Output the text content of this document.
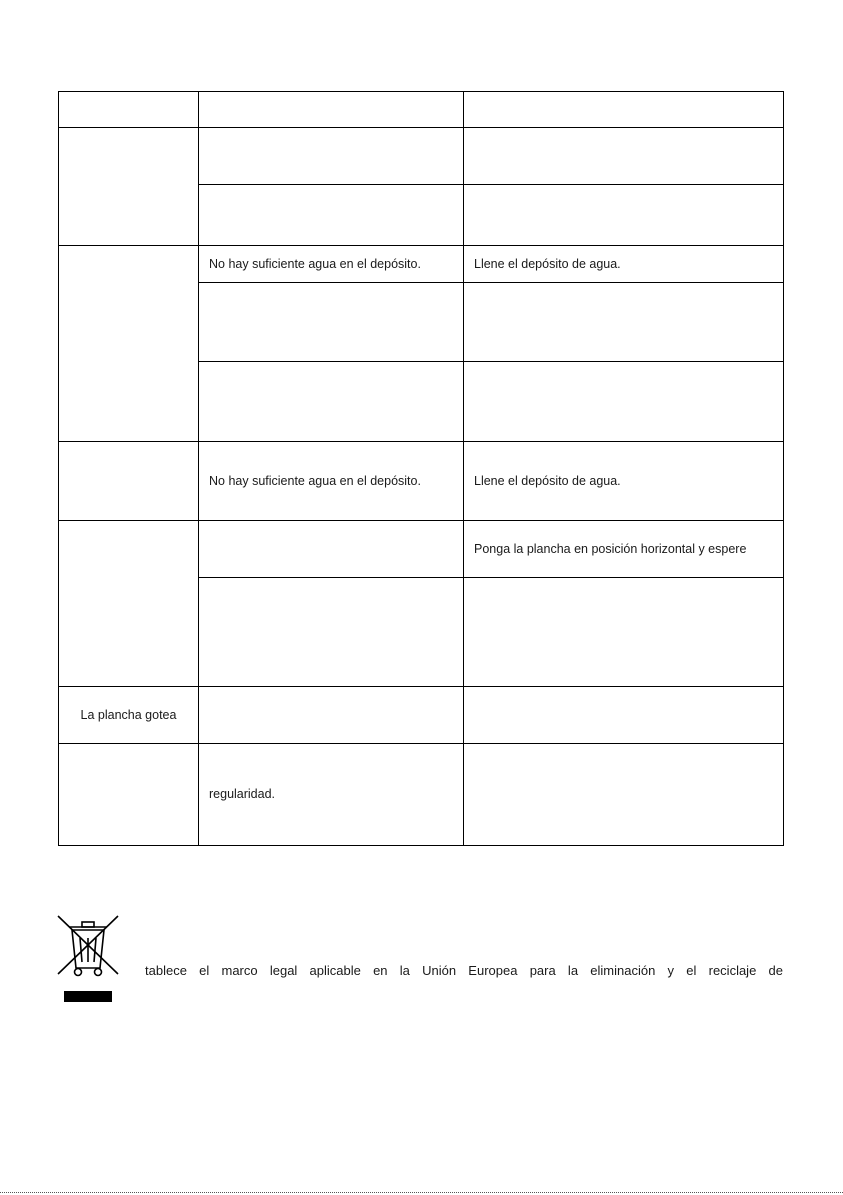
	No hay suficiente agua en el depósito.	Llene el depósito de agua.

	No hay suficiente agua en el depósito.	Llene el depósito de agua.
		Ponga la plancha en posición horizontal y espere

La plancha gotea		
	regularidad.	
tablece el marco legal aplicable en la Unión Europea para la eliminación y el reciclaje de
